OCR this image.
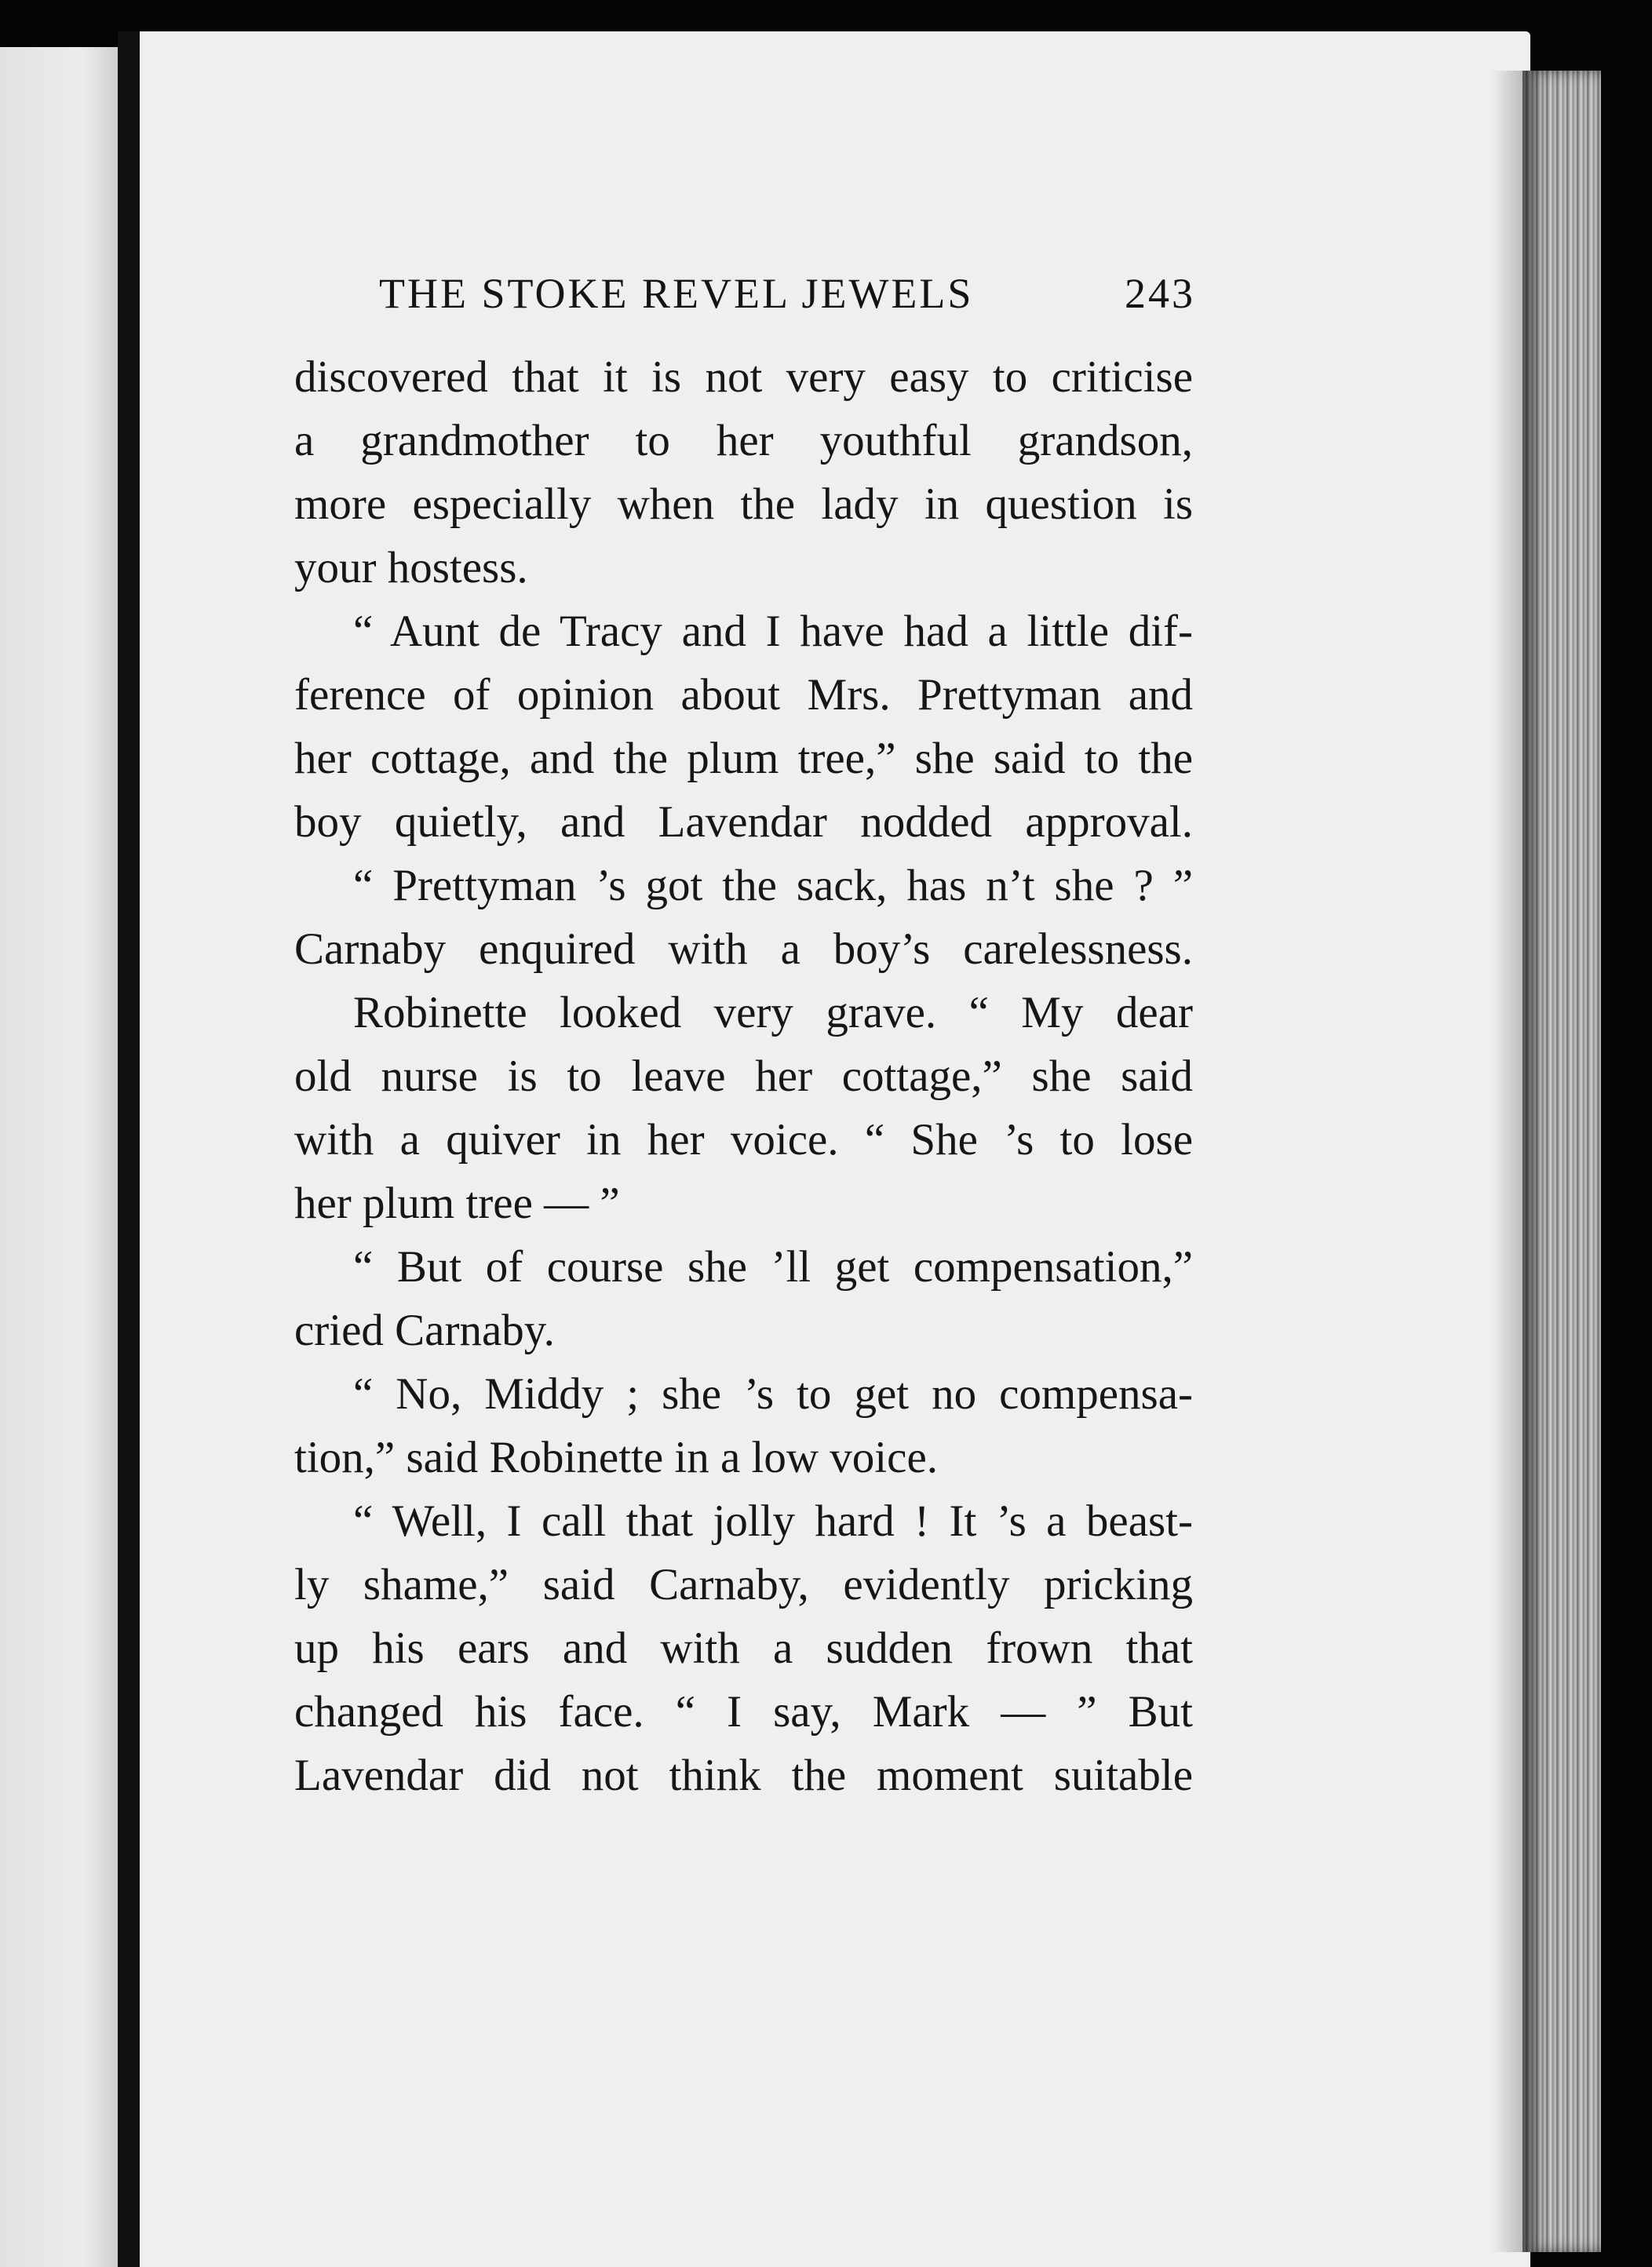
THE STOKE REVEL JEWELS	243
discovered that it is not very easy to criticise
a grandmother to her youthful grandson,
more especially when the lady in question is
your hostess.
“ Aunt de Tracy and I have had a little dif-
ference of opinion about Mrs. Prettyman and
her cottage, and the plum tree,” she said to the
boy quietly, and Lavendar nodded approval.
“ Prettyman ’s got the sack, has n’t she ? ”
Carnaby enquired with a boy’s carelessness.
Robinette looked very grave. “ My dear
old nurse is to leave her cottage,” she said
with a quiver in her voice. “ She ’s to lose
her plum tree — ”
“ But of course she ’ll get compensation,”
cried Carnaby.
“ No, Middy ; she ’s to get no compensa-
tion,” said Robinette in a low voice.
“ Well, I call that jolly hard ! It ’s a beast-
ly shame,” said Carnaby, evidently pricking
up his ears and with a sudden frown that
changed his face. “ I say, Mark — ” But
Lavendar did not think the moment suitable
